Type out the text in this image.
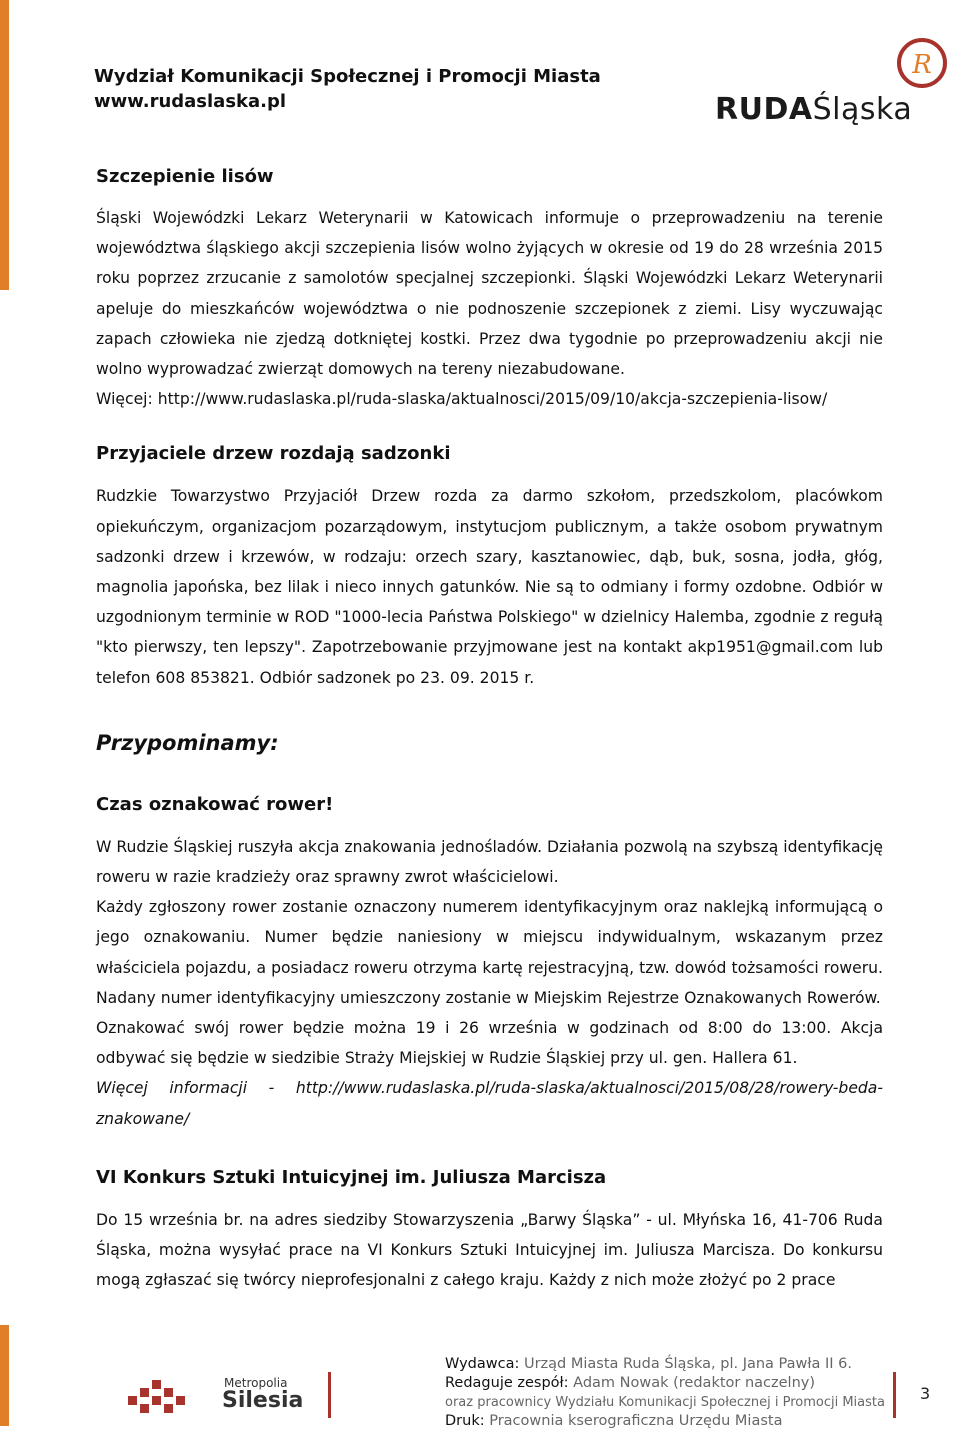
Wydział Komunikacji Społecznej i Promocji Miasta
www.rudaslaska.pl
R
RUDAŚląska
Szczepienie lisów

Śląski Wojewódzki Lekarz Weterynarii w Katowicach informuje o przeprowadzeniu na terenie województwa śląskiego akcji szczepienia lisów wolno żyjących w okresie od 19 do 28 września 2015 roku poprzez zrzucanie z samolotów specjalnej szczepionki. Śląski Wojewódzki Lekarz Weterynarii apeluje do mieszkańców województwa o nie podnoszenie szczepionek z ziemi. Lisy wyczuwając zapach człowieka nie zjedzą dotkniętej kostki. Przez dwa tygodnie po przeprowadzeniu akcji nie wolno wyprowadzać zwierząt domowych na tereny niezabudowane.

Więcej: http://www.rudaslaska.pl/ruda-slaska/aktualnosci/2015/09/10/akcja-szczepienia-lisow/

Przyjaciele drzew rozdają sadzonki

Rudzkie Towarzystwo Przyjaciół Drzew rozda za darmo szkołom, przedszkolom, placówkom opiekuńczym, organizacjom pozarządowym, instytucjom publicznym, a także osobom prywatnym sadzonki drzew i krzewów, w rodzaju: orzech szary, kasztanowiec, dąb, buk, sosna, jodła, głóg, magnolia japońska, bez lilak i nieco innych gatunków. Nie są to odmiany i formy ozdobne. Odbiór w uzgodnionym terminie w ROD "1000-lecia Państwa Polskiego" w dzielnicy Halemba, zgodnie z regułą "kto pierwszy, ten lepszy". Zapotrzebowanie przyjmowane jest na kontakt akp1951@gmail.com lub telefon 608 853821. Odbiór sadzonek po 23. 09. 2015 r.

Przypominamy:
Czas oznakować rower!

W Rudzie Śląskiej ruszyła akcja znakowania jednośladów. Działania pozwolą na szybszą identyfikację roweru w razie kradzieży oraz sprawny zwrot właścicielowi.

Każdy zgłoszony rower zostanie oznaczony numerem identyfikacyjnym oraz naklejką informującą o jego oznakowaniu. Numer będzie naniesiony w miejscu indywidualnym, wskazanym przez właściciela pojazdu, a posiadacz roweru otrzyma kartę rejestracyjną, tzw. dowód tożsamości roweru. Nadany numer identyfikacyjny umieszczony zostanie w Miejskim Rejestrze Oznakowanych Rowerów.

Oznakować swój rower będzie można 19 i 26 września w godzinach od 8:00 do 13:00. Akcja odbywać się będzie w siedzibie Straży Miejskiej w Rudzie Śląskiej przy ul. gen. Hallera 61.

Więcej informacji - http://www.rudaslaska.pl/ruda-slaska/aktualnosci/2015/08/28/rowery-beda-znakowane/

VI Konkurs Sztuki Intuicyjnej im. Juliusza Marcisza

Do 15 września br. na adres siedziby Stowarzyszenia „Barwy Śląska” - ul. Młyńska 16, 41-706 Ruda Śląska, można wysyłać prace na VI Konkurs Sztuki Intuicyjnej im. Juliusza Marcisza. Do konkursu mogą zgłaszać się twórcy nieprofesjonalni z całego kraju. Każdy z nich może złożyć po 2 prace

Metropolia
Silesia
Wydawca: Urząd Miasta Ruda Śląska, pl. Jana Pawła II 6.
Redaguje zespół: Adam Nowak (redaktor naczelny)
oraz pracownicy Wydziału Komunikacji Społecznej i Promocji Miasta
Druk: Pracownia kserograficzna Urzędu Miasta
3
